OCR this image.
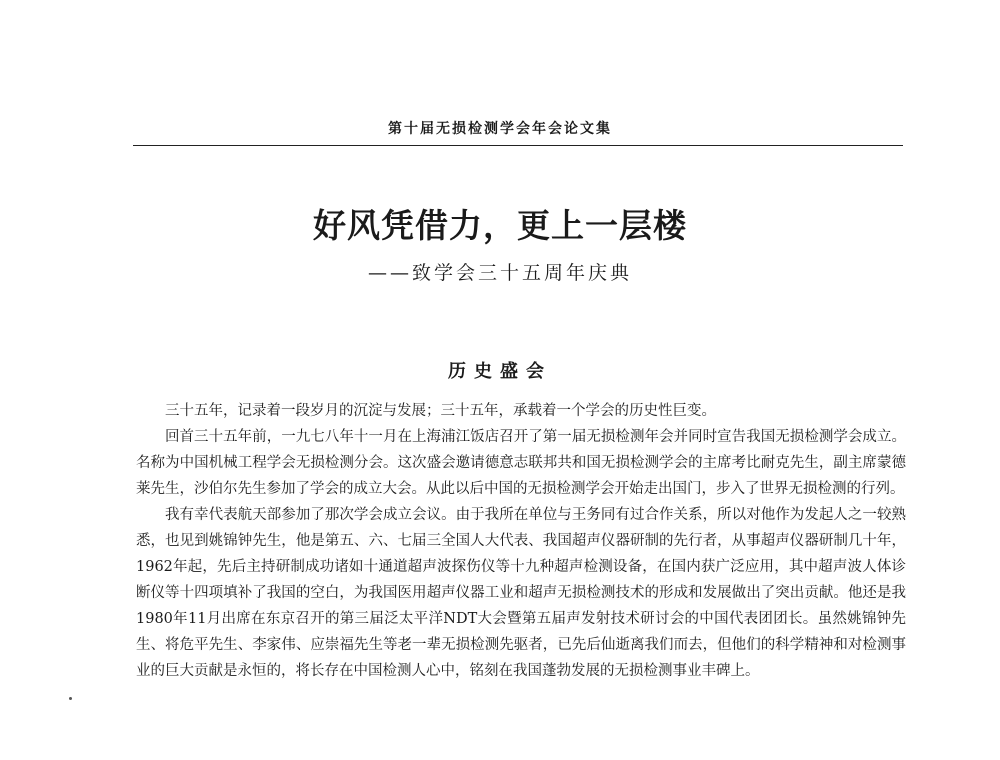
第十届无损检测学会年会论文集
好风凭借力，更上一层楼
——致学会三十五周年庆典
历史盛会

三十五年，记录着一段岁月的沉淀与发展；三十五年，承载着一个学会的历史性巨变。

回首三十五年前，一九七八年十一月在上海浦江饭店召开了第一届无损检测年会并同时宣告我国无损检测学会成立。名称为中国机械工程学会无损检测分会。这次盛会邀请德意志联邦共和国无损检测学会的主席考比耐克先生，副主席蒙德莱先生，沙伯尔先生参加了学会的成立大会。从此以后中国的无损检测学会开始走出国门，步入了世界无损检测的行列。

我有幸代表航天部参加了那次学会成立会议。由于我所在单位与王务同有过合作关系，所以对他作为发起人之一较熟悉，也见到姚锦钟先生，他是第五、六、七届三全国人大代表、我国超声仪器研制的先行者，从事超声仪器研制几十年，1962年起，先后主持研制成功诸如十通道超声波探伤仪等十九种超声检测设备，在国内获广泛应用，其中超声波人体诊断仪等十四项填补了我国的空白，为我国医用超声仪器工业和超声无损检测技术的形成和发展做出了突出贡献。他还是我1980年11月出席在东京召开的第三届泛太平洋NDT大会暨第五届声发射技术研讨会的中国代表团团长。虽然姚锦钟先生、将危平先生、李家伟、应崇福先生等老一辈无损检测先驱者，已先后仙逝离我们而去，但他们的科学精神和对检测事业的巨大贡献是永恒的，将长存在中国检测人心中，铭刻在我国蓬勃发展的无损检测事业丰碑上。
